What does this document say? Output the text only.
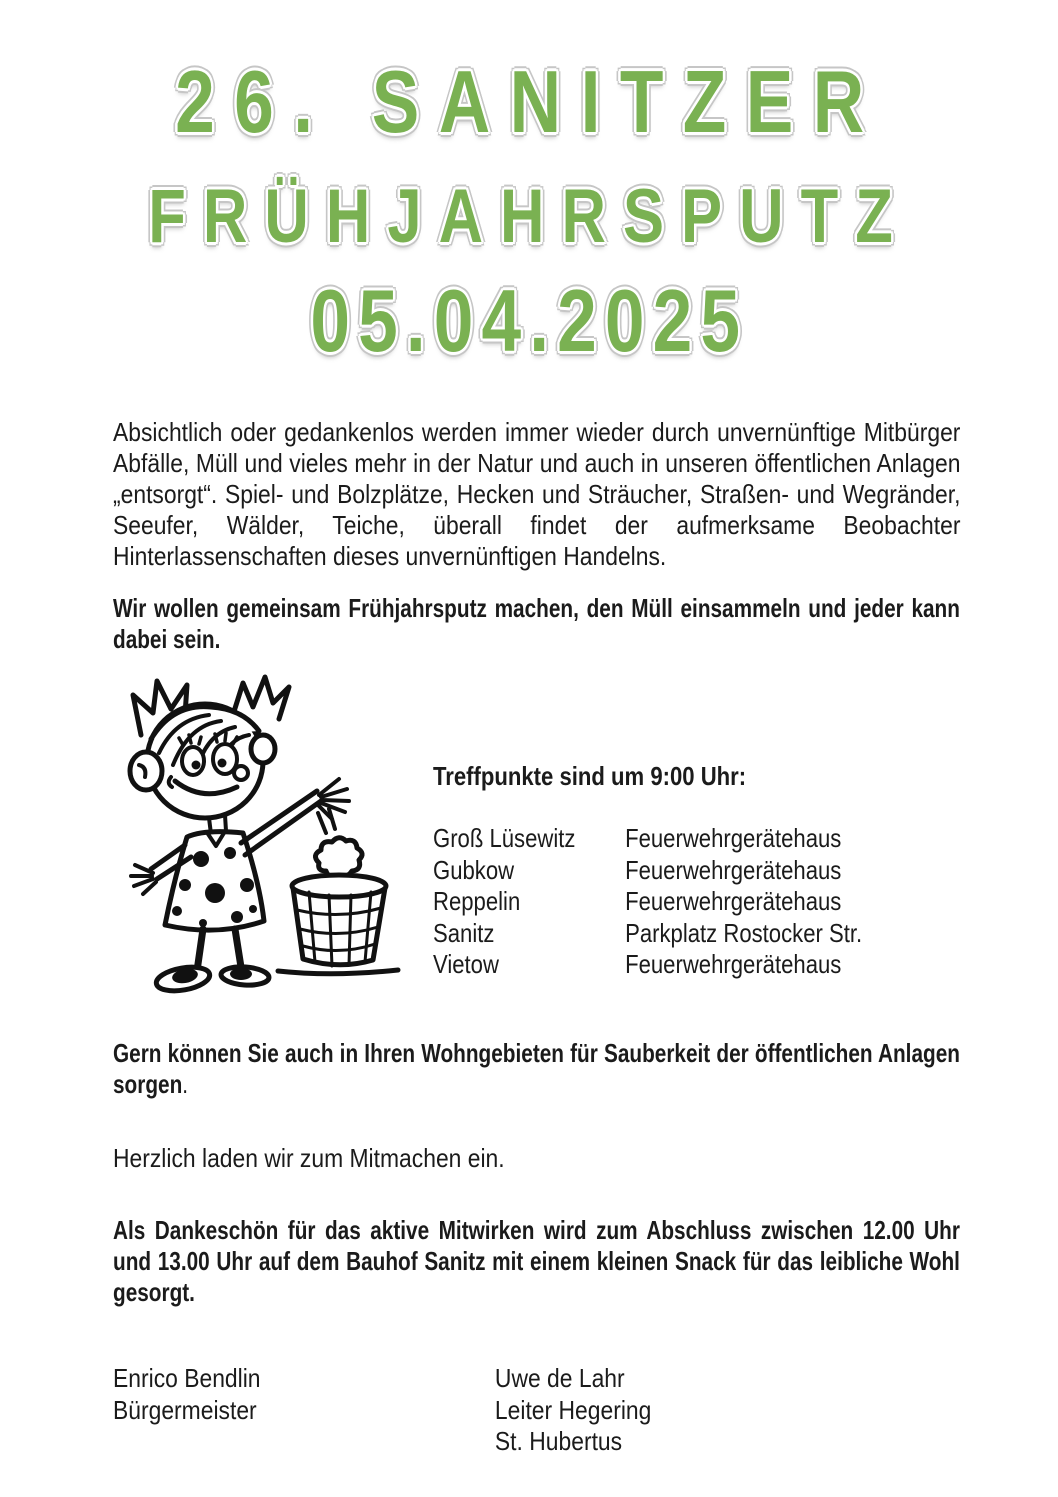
26. SANITZER
FRÜHJAHRSPUTZ
05.04.2025

Absichtlich oder gedankenlos werden immer wieder durch unvernünftige Mitbürger Abfälle, Müll und vieles mehr in der Natur und auch in unseren öffentlichen Anlagen „entsorgt“. Spiel- und Bolzplätze, Hecken und Sträucher, Straßen- und Wegränder, Seeufer, Wälder, Teiche, überall findet der aufmerksame Beobachter Hinterlassenschaften dieses unvernünftigen Handelns.

Wir wollen gemeinsam Frühjahrsputz machen, den Müll einsammeln und jeder kann dabei sein.

Treffpunkte sind um 9:00 Uhr:
Groß Lüsewitz	Feuerwehrgerätehaus
Gubkow	Feuerwehrgerätehaus
Reppelin	Feuerwehrgerätehaus
Sanitz	Parkplatz Rostocker Str.
Vietow	Feuerwehrgerätehaus

Gern können Sie auch in Ihren Wohngebieten für Sauberkeit der öffentlichen Anlagen sorgen.

Herzlich laden wir zum Mitmachen ein.

Als Dankeschön für das aktive Mitwirken wird zum Abschluss zwischen 12.00 Uhr und 13.00 Uhr auf dem Bauhof Sanitz mit einem kleinen Snack für das leibliche Wohl gesorgt.

Enrico Bendlin
Bürgermeister
Uwe de Lahr
Leiter Hegering
St. Hubertus
